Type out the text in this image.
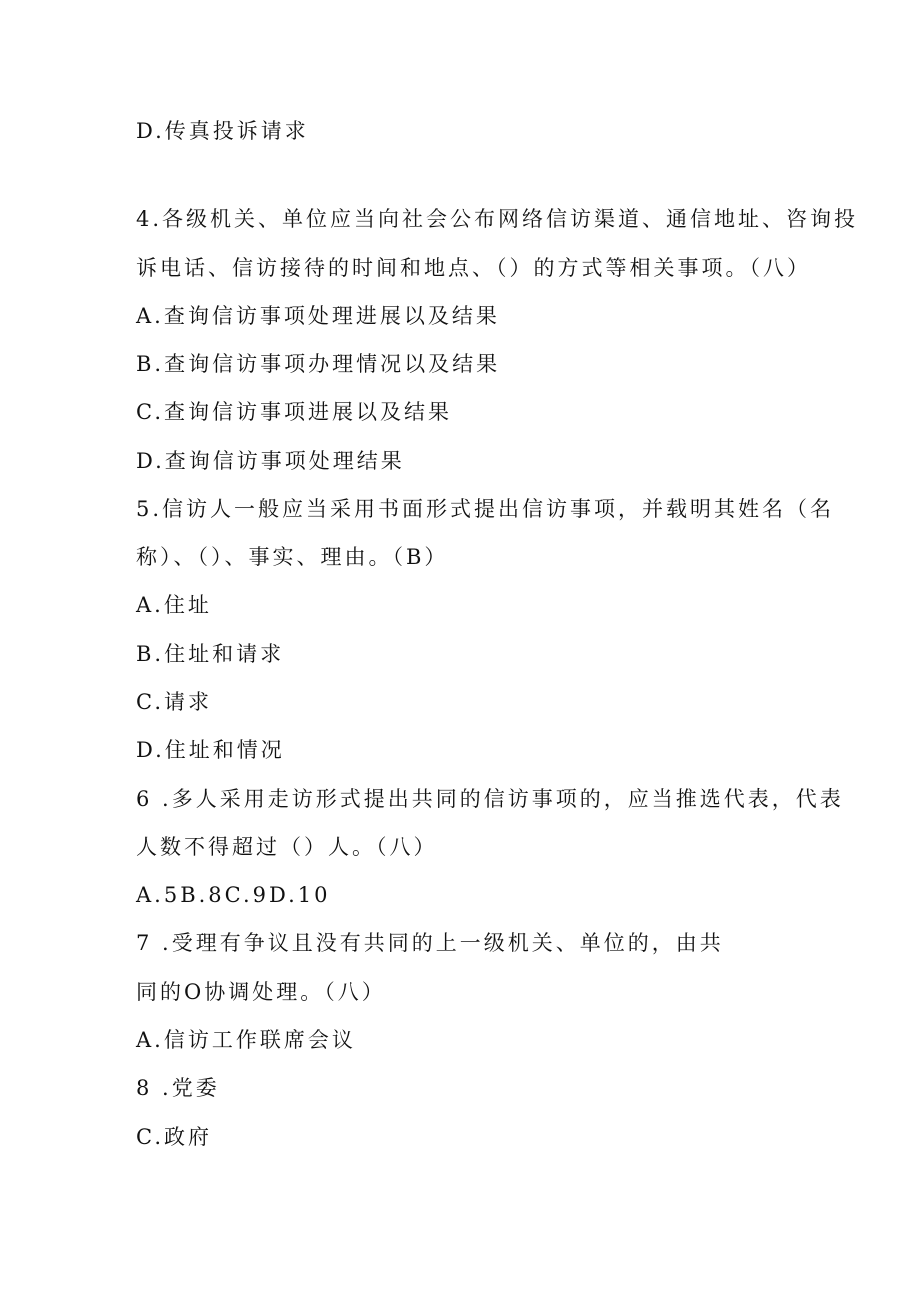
D.传真投诉请求
4.各级机关、单位应当向社会公布网络信访渠道、通信地址、咨询投
诉电话、信访接待的时间和地点、（）的方式等相关事项。（八）
A.查询信访事项处理进展以及结果
B.查询信访事项办理情况以及结果
C.查询信访事项进展以及结果
D.查询信访事项处理结果
5.信访人一般应当采用书面形式提出信访事项，并载明其姓名（名
称）、（）、事实、理由。（B）
A.住址
B.住址和请求
C.请求
D.住址和情况
6 .多人采用走访形式提出共同的信访事项的，应当推选代表，代表
人数不得超过（）人。（八）
A.5B.8C.9D.10
7 .受理有争议且没有共同的上一级机关、单位的，由共
同的O协调处理。（八）
A.信访工作联席会议
8 .党委
C.政府
